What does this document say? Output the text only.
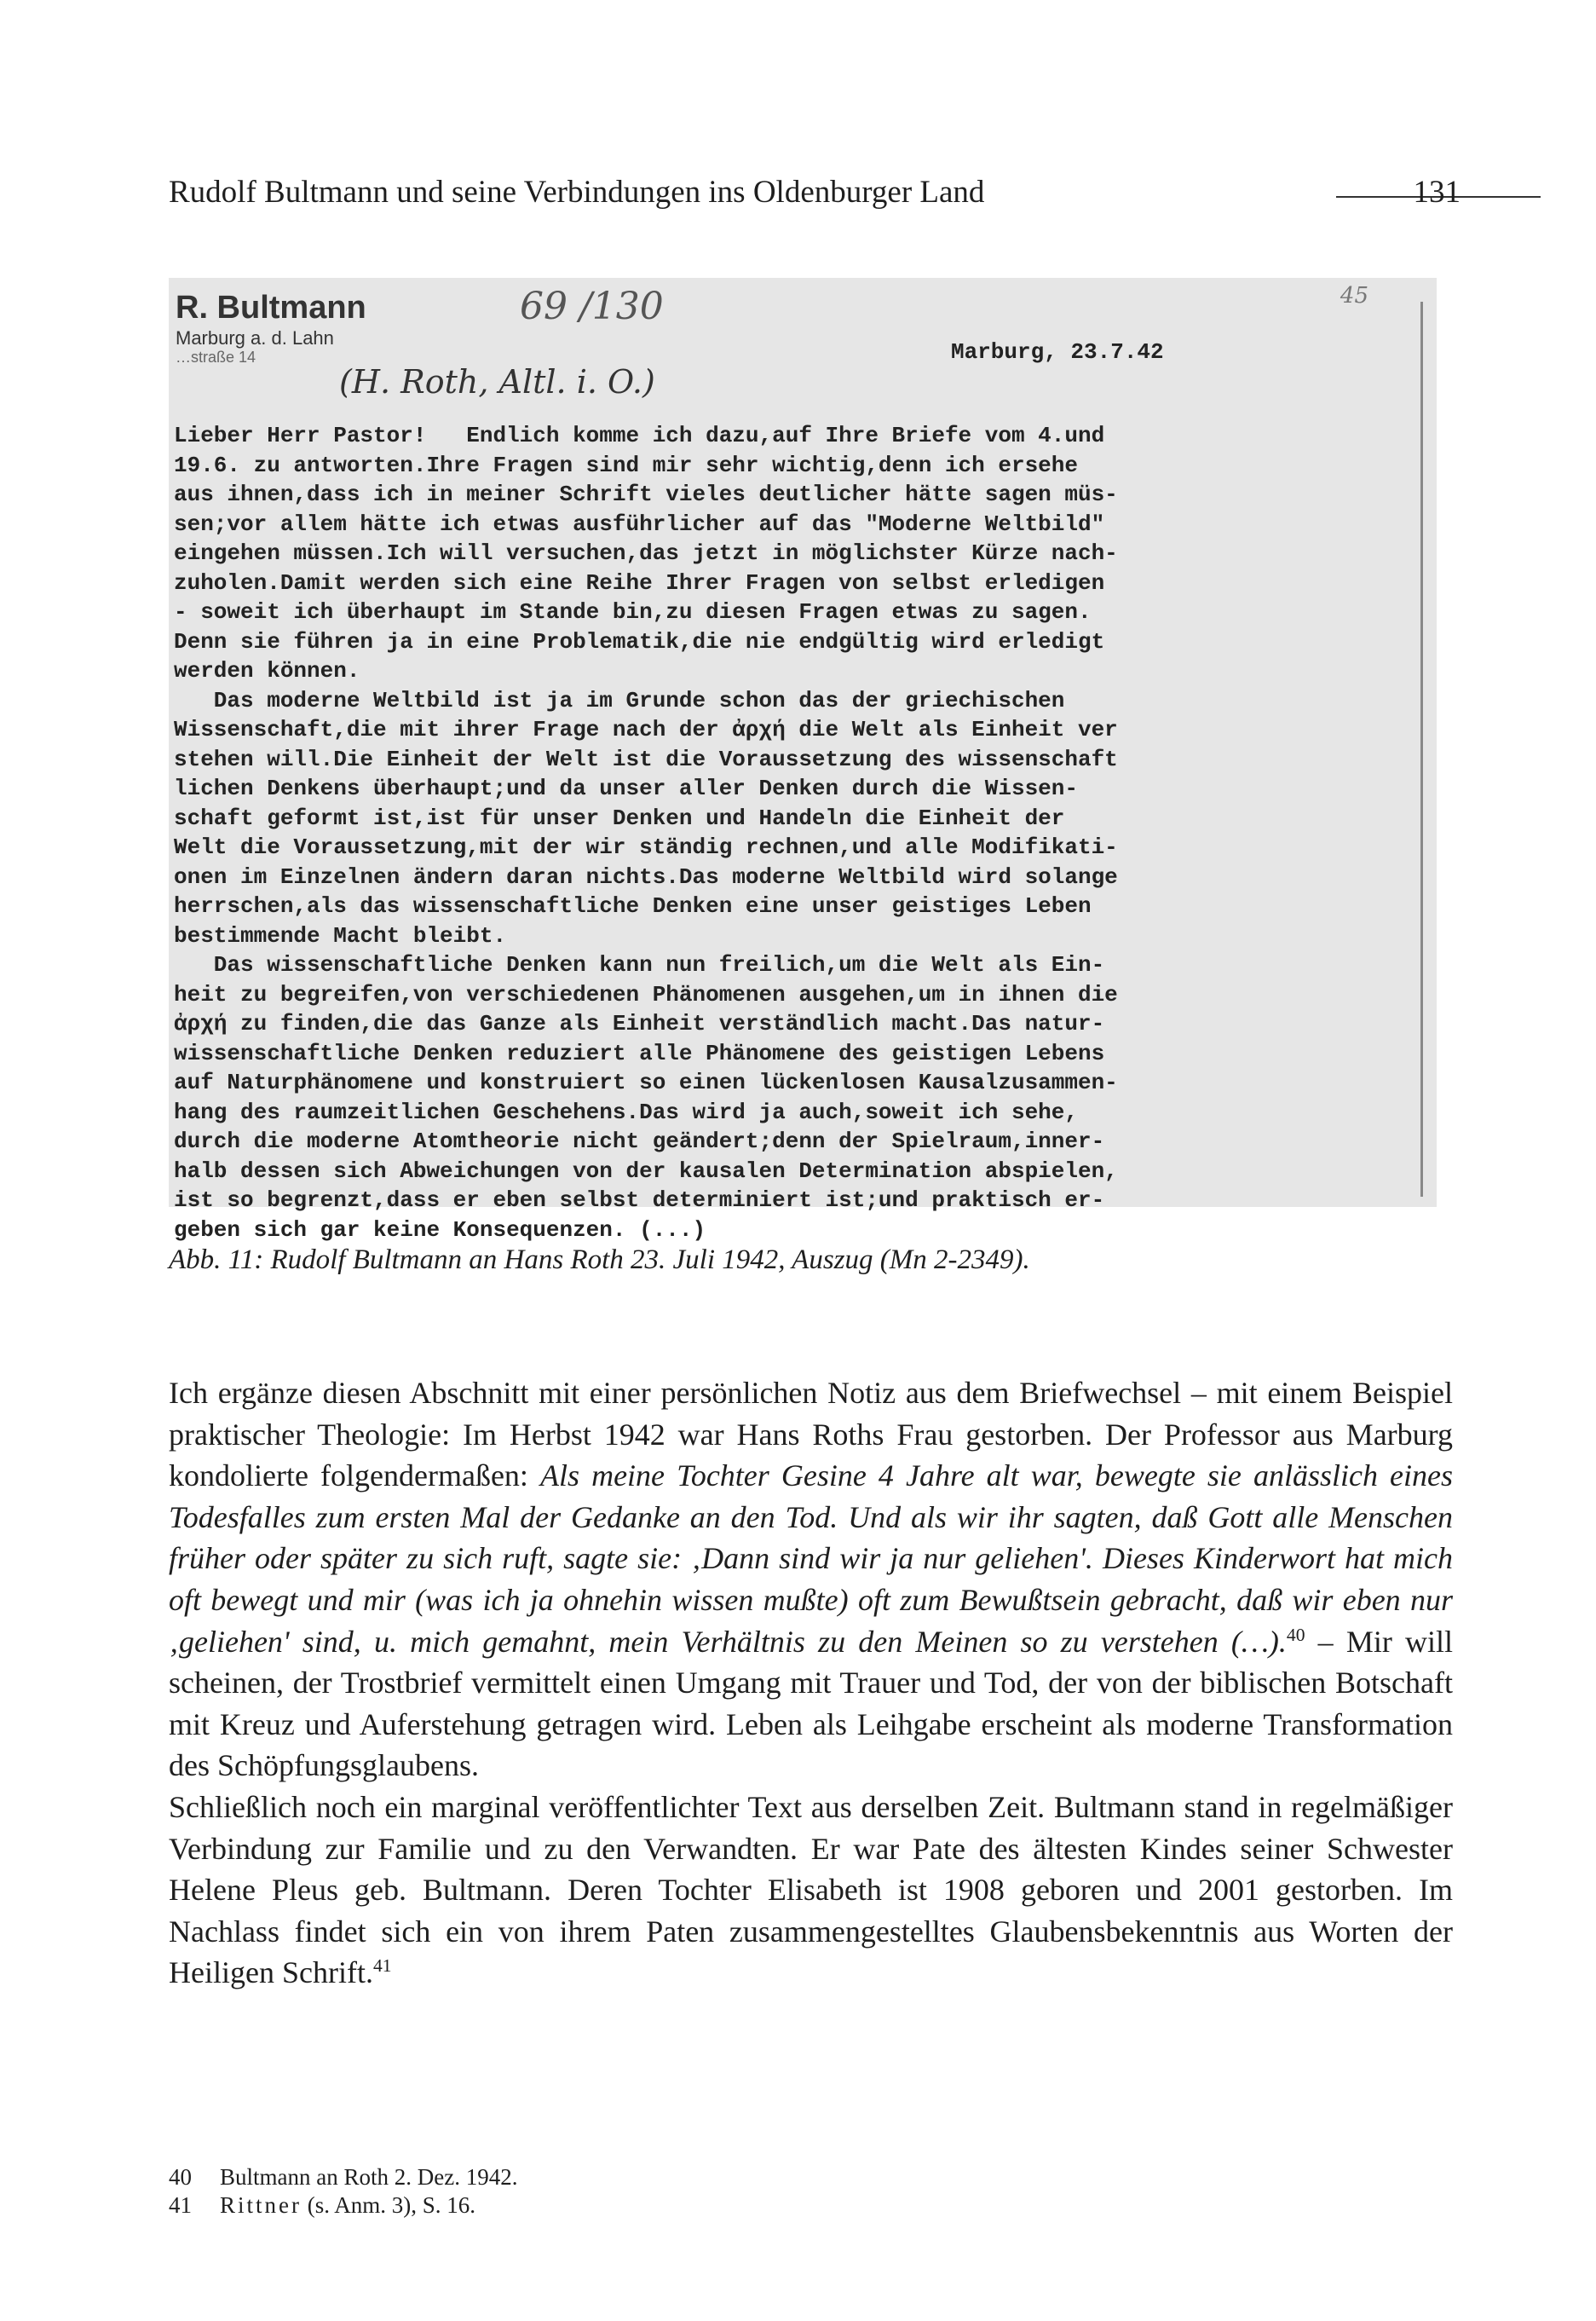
Rudolf Bultmann und seine Verbindungen ins Oldenburger Land	131
R. Bultmann
Marburg a. d. Lahn
…straße 14
69 /130
(H. Roth, Altl. i. O.)
45
Marburg, 23.7.42
Lieber Herr Pastor!   Endlich komme ich dazu,auf Ihre Briefe vom 4.und
19.6. zu antworten.Ihre Fragen sind mir sehr wichtig,denn ich ersehe
aus ihnen,dass ich in meiner Schrift vieles deutlicher hätte sagen müs-
sen;vor allem hätte ich etwas ausführlicher auf das "Moderne Weltbild"
eingehen müssen.Ich will versuchen,das jetzt in möglichster Kürze nach-
zuholen.Damit werden sich eine Reihe Ihrer Fragen von selbst erledigen
- soweit ich überhaupt im Stande bin,zu diesen Fragen etwas zu sagen.
Denn sie führen ja in eine Problematik,die nie endgültig wird erledigt
werden können.
Das moderne Weltbild ist ja im Grunde schon das der griechischen
Wissenschaft,die mit ihrer Frage nach der ἀρχή die Welt als Einheit ver
stehen will.Die Einheit der Welt ist die Voraussetzung des wissenschaft
lichen Denkens überhaupt;und da unser aller Denken durch die Wissen-
schaft geformt ist,ist für unser Denken und Handeln die Einheit der
Welt die Voraussetzung,mit der wir ständig rechnen,und alle Modifikati-
onen im Einzelnen ändern daran nichts.Das moderne Weltbild wird solange
herrschen,als das wissenschaftliche Denken eine unser geistiges Leben
bestimmende Macht bleibt.
Das wissenschaftliche Denken kann nun freilich,um die Welt als Ein-
heit zu begreifen,von verschiedenen Phänomenen ausgehen,um in ihnen die
ἀρχή zu finden,die das Ganze als Einheit verständlich macht.Das natur-
wissenschaftliche Denken reduziert alle Phänomene des geistigen Lebens
auf Naturphänomene und konstruiert so einen lückenlosen Kausalzusammen-
hang des raumzeitlichen Geschehens.Das wird ja auch,soweit ich sehe,
durch die moderne Atomtheorie nicht geändert;denn der Spielraum,inner-
halb dessen sich Abweichungen von der kausalen Determination abspielen,
ist so begrenzt,dass er eben selbst determiniert ist;und praktisch er-
geben sich gar keine Konsequenzen. (...)
Abb. 11: Rudolf Bultmann an Hans Roth 23. Juli 1942, Auszug (Mn 2-2349).

Ich ergänze diesen Abschnitt mit einer persönlichen Notiz aus dem Briefwechsel – mit einem Beispiel praktischer Theologie: Im Herbst 1942 war Hans Roths Frau gestorben. Der Professor aus Marburg kondolierte folgendermaßen: Als meine Tochter Gesine 4 Jahre alt war, bewegte sie anlässlich eines Todesfalles zum ersten Mal der Gedanke an den Tod. Und als wir ihr sagten, daß Gott alle Menschen früher oder später zu sich ruft, sagte sie: ‚Dann sind wir ja nur geliehen'. Dieses Kinderwort hat mich oft bewegt und mir (was ich ja ohnehin wissen mußte) oft zum Bewußtsein gebracht, daß wir eben nur ‚geliehen' sind, u. mich gemahnt, mein Verhältnis zu den Meinen so zu verstehen (…).$^{40}$ – Mir will scheinen, der Trostbrief vermittelt einen Umgang mit Trauer und Tod, der von der biblischen Botschaft mit Kreuz und Auferstehung getragen wird. Leben als Leihgabe erscheint als moderne Transformation des Schöpfungsglaubens.

Schließlich noch ein marginal veröffentlichter Text aus derselben Zeit. Bultmann stand in regelmäßiger Verbindung zur Familie und zu den Verwandten. Er war Pate des ältesten Kindes seiner Schwester Helene Pleus geb. Bultmann. Deren Tochter Elisabeth ist 1908 geboren und 2001 gestorben. Im Nachlass findet sich ein von ihrem Paten zusammengestelltes Glaubensbekenntnis aus Worten der Heiligen Schrift.$^{41}$

40 Bultmann an Roth 2. Dez. 1942.
41 Rittner (s. Anm. 3), S. 16.
